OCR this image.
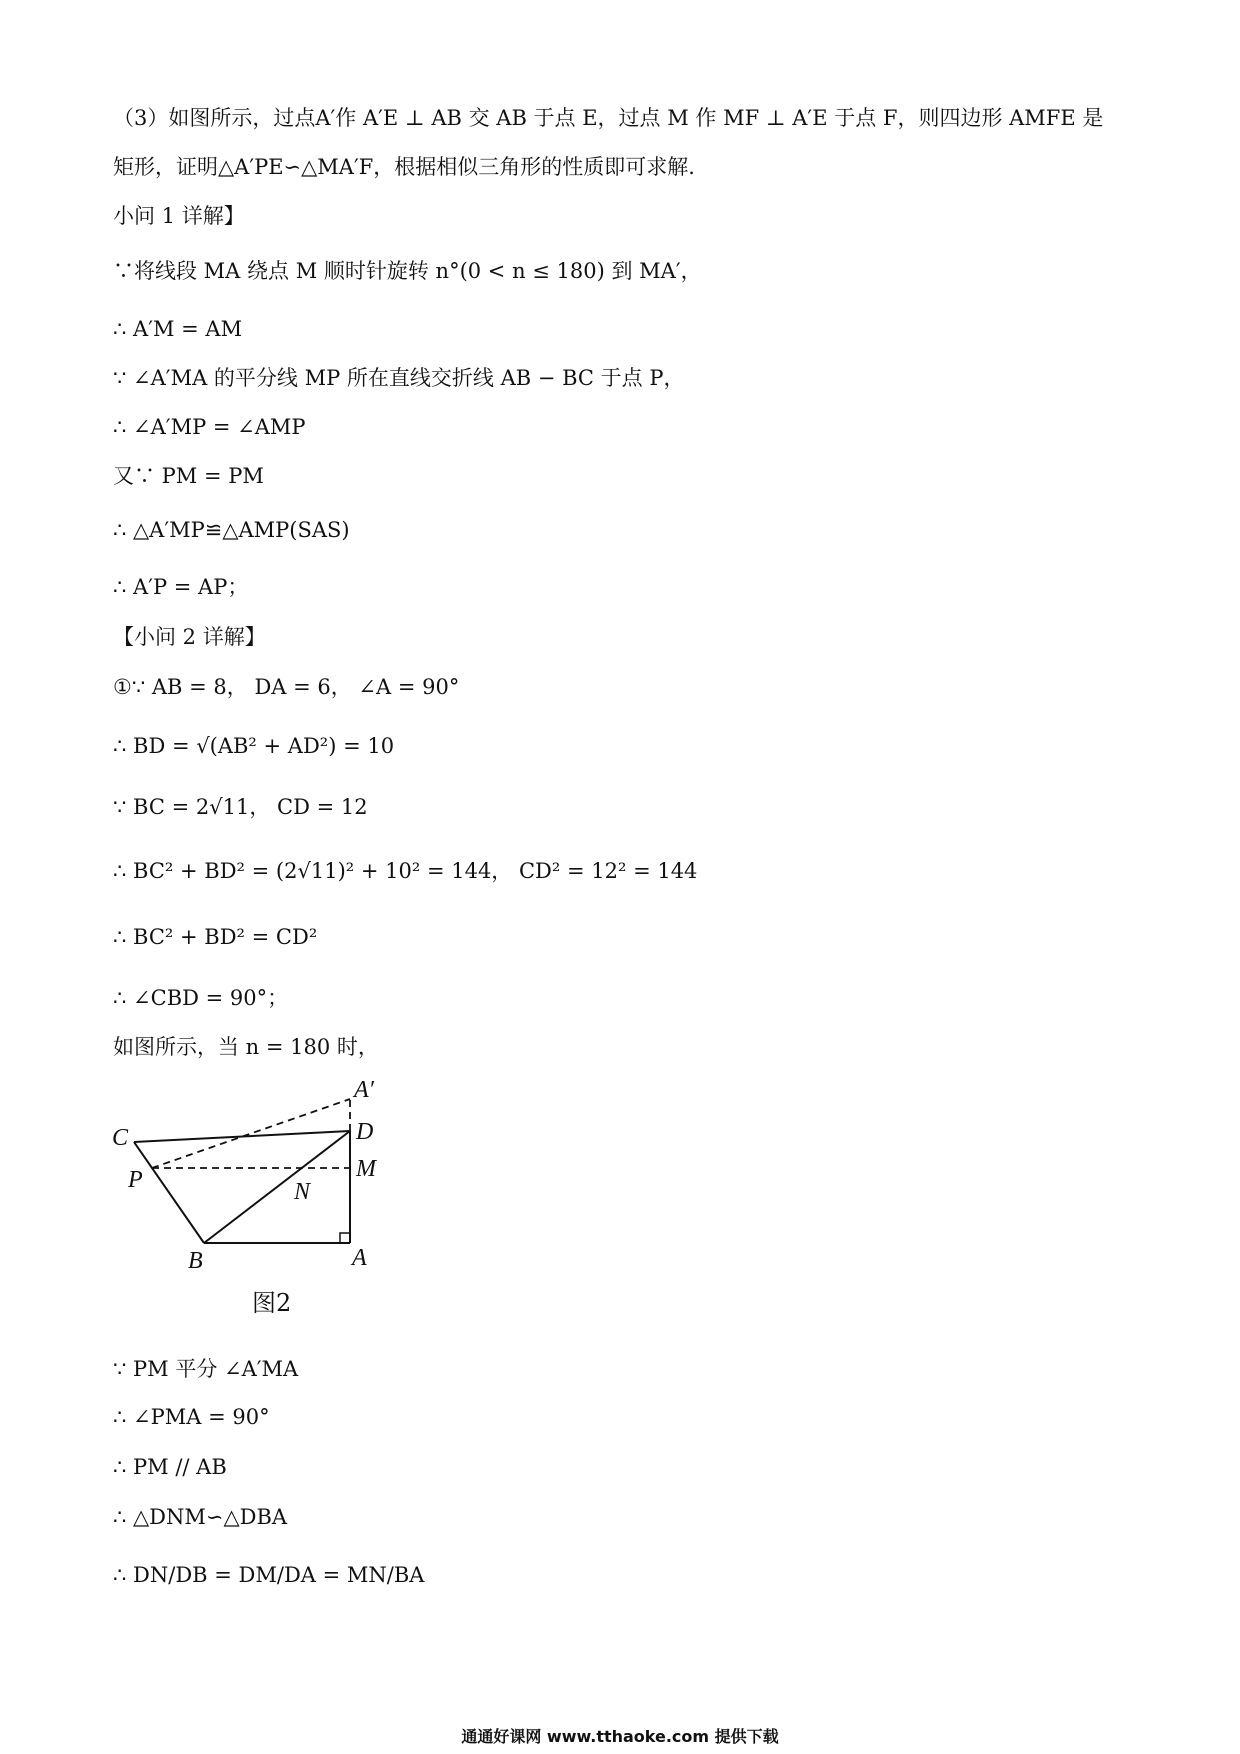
（3）如图所示，过点A′作 A′E ⊥ AB 交 AB 于点 E，过点 M 作 MF ⊥ A′E 于点 F，则四边形 AMFE 是

矩形，证明△A′PE∽△MA′F，根据相似三角形的性质即可求解.

小问 1 详解】

∵将线段 MA 绕点 M 顺时针旋转 n°(0 < n ≤ 180) 到 MA′，

∴ A′M = AM

∵ ∠A′MA 的平分线 MP 所在直线交折线 AB − BC 于点 P，

∴ ∠A′MP = ∠AMP

又∵ PM = PM

∴ △A′MP≌△AMP(SAS)

∴ A′P = AP；

【小问 2 详解】

①∵ AB = 8， DA = 6， ∠A = 90°

∴ BD = √(AB² + AD²) = 10

∵ BC = 2√11， CD = 12

∴ BC² + BD² = (2√11)² + 10² = 144， CD² = 12² = 144

∴ BC² + BD² = CD²

∴ ∠CBD = 90°；

如图所示，当 n = 180 时，

A′
C	D
P	M
N
B	A
图2

∵ PM 平分 ∠A′MA

∴ ∠PMA = 90°

∴ PM // AB

∴ △DNM∽△DBA

∴ DN/DB = DM/DA = MN/BA

通通好课网 www.tthaoke.com 提供下载
